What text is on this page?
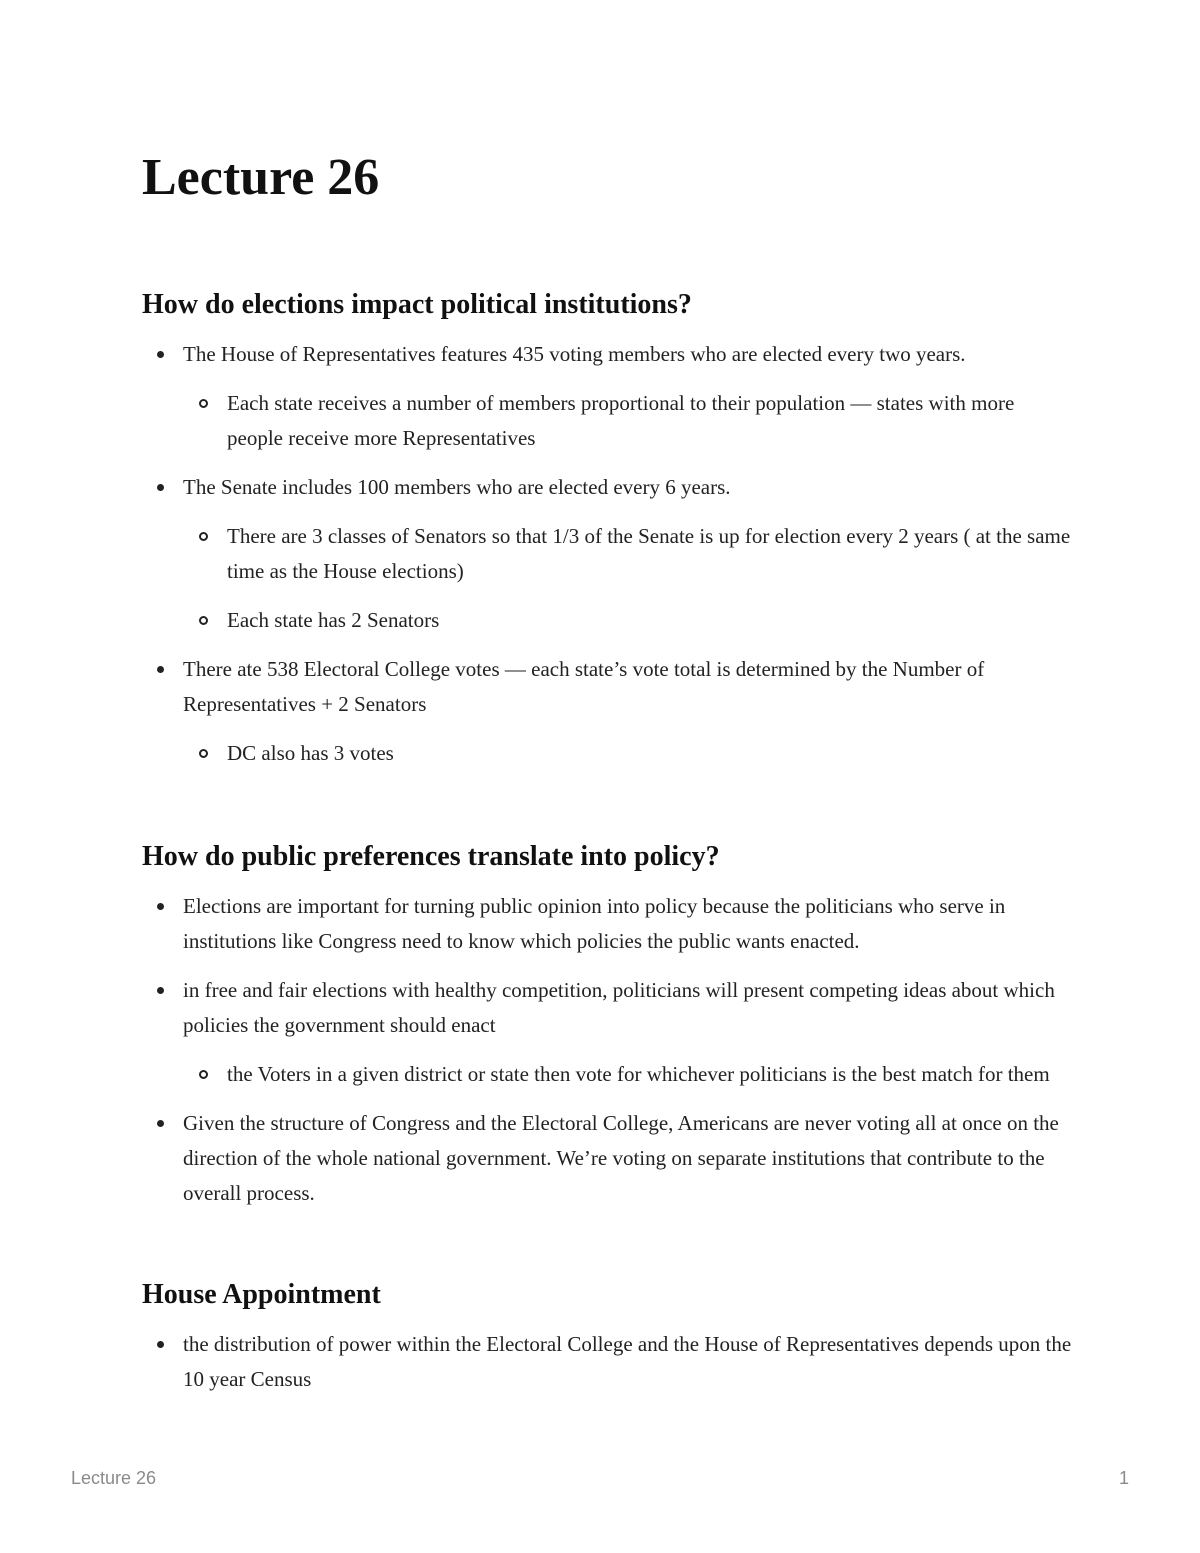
Lecture 26
How do elections impact political institutions?
The House of Representatives features 435 voting members who are elected every two years.
Each state receives a number of members proportional to their population — states with more people receive more Representatives
The Senate includes 100 members who are elected every 6 years.
There are 3 classes of Senators so that 1/3 of the Senate is up for election every 2 years ( at the same time as the House elections)
Each state has 2 Senators
There ate 538 Electoral College votes — each state’s vote total is determined by the Number of Representatives + 2 Senators
DC also has 3 votes
How do public preferences translate into policy?
Elections are important for turning public opinion into policy because the politicians who serve in institutions like Congress need to know which policies the public wants enacted.
in free and fair elections with healthy competition, politicians will present competing ideas about which policies the government should enact
the Voters in a given district or state then vote for whichever politicians is the best match for them
Given the structure of Congress and the Electoral College, Americans are never voting all at once on the direction of the whole national government. We’re voting on separate institutions that contribute to the overall process.
House Appointment
the distribution of power within the Electoral College and the House of Representatives depends upon the 10 year Census
Lecture 26	1
